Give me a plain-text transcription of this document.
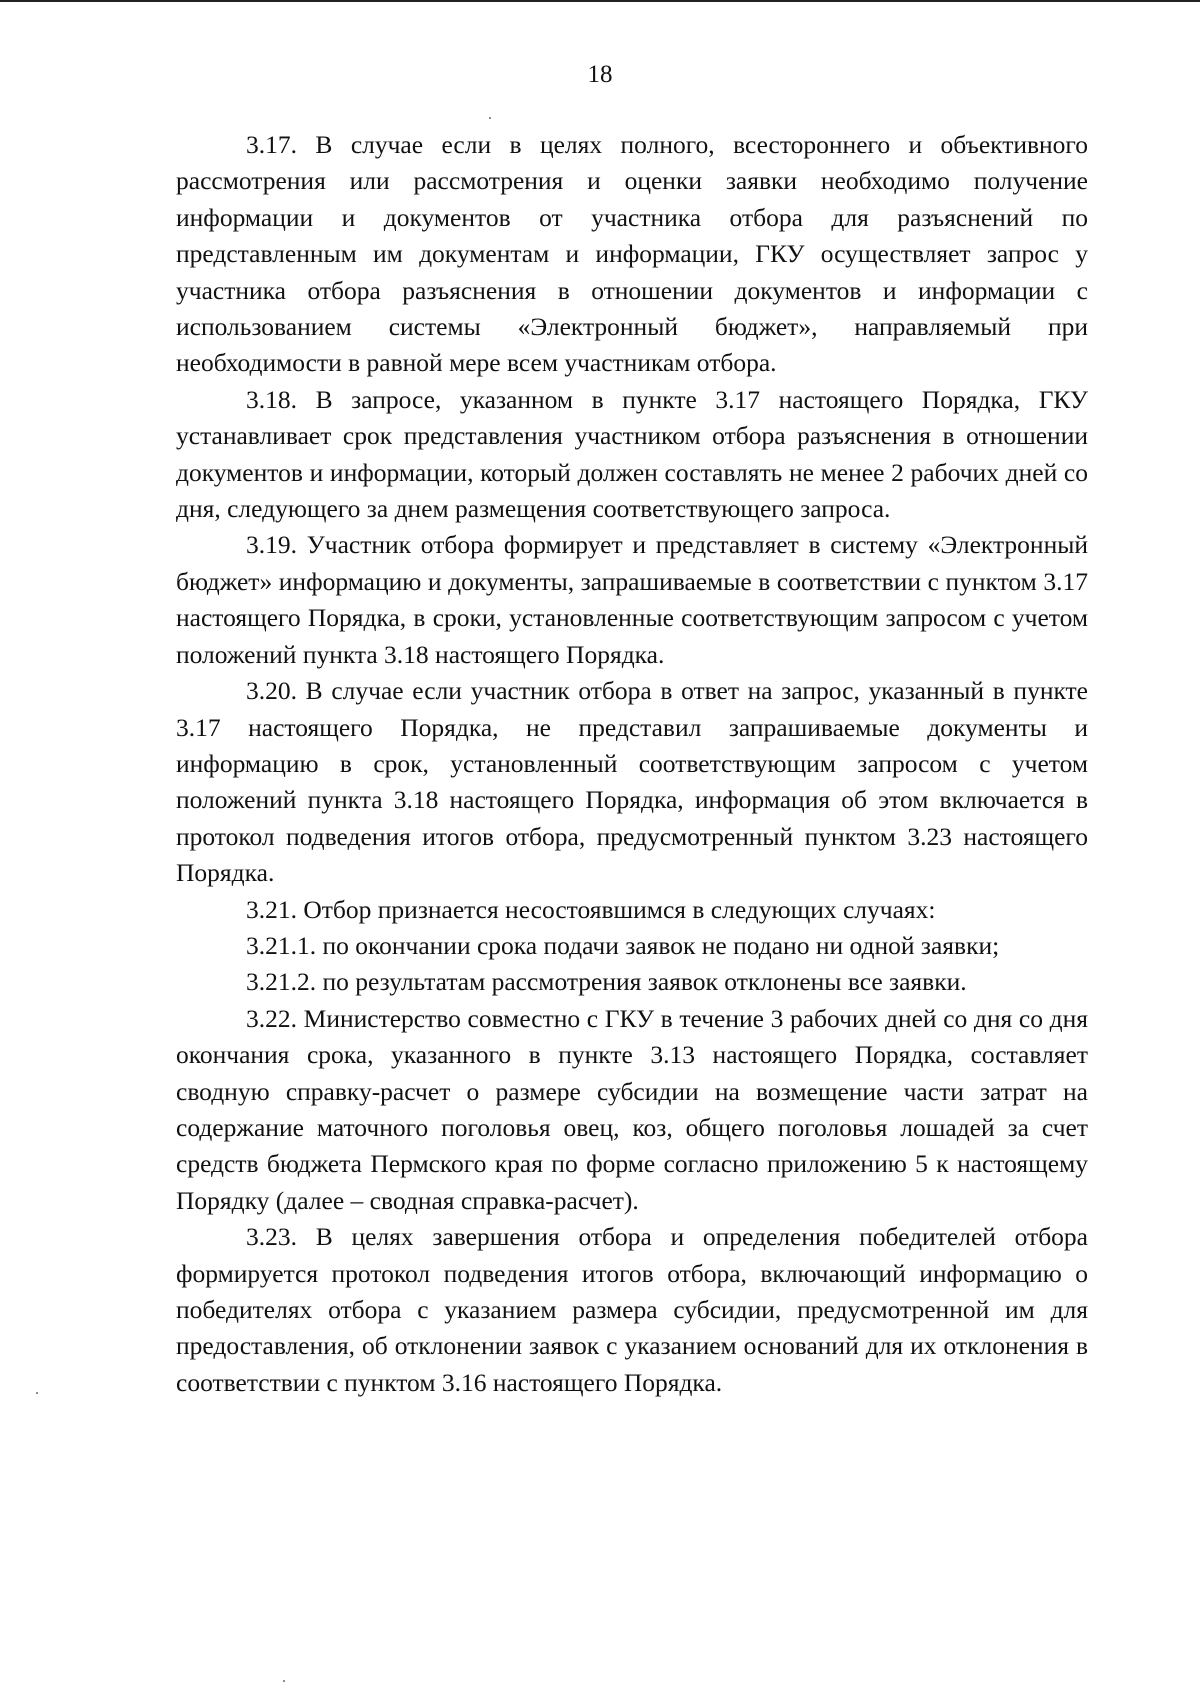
18

3.17. В случае если в целях полного, всестороннего и объективного рассмотрения или рассмотрения и оценки заявки необходимо получение информации и документов от участника отбора для разъяснений по представленным им документам и информации, ГКУ осуществляет запрос у участника отбора разъяснения в отношении документов и информации с использованием системы «Электронный бюджет», направляемый при необходимости в равной мере всем участникам отбора.

3.18. В запросе, указанном в пункте 3.17 настоящего Порядка, ГКУ устанавливает срок представления участником отбора разъяснения в отношении документов и информации, который должен составлять не менее 2 рабочих дней со дня, следующего за днем размещения соответствующего запроса.

3.19. Участник отбора формирует и представляет в систему «Электронный бюджет» информацию и документы, запрашиваемые в соответствии с пунктом 3.17 настоящего Порядка, в сроки, установленные соответствующим запросом с учетом положений пункта 3.18 настоящего Порядка.

3.20. В случае если участник отбора в ответ на запрос, указанный в пункте 3.17 настоящего Порядка, не представил запрашиваемые документы и информацию в срок, установленный соответствующим запросом с учетом положений пункта 3.18 настоящего Порядка, информация об этом включается в протокол подведения итогов отбора, предусмотренный пунктом 3.23 настоящего Порядка.

3.21. Отбор признается несостоявшимся в следующих случаях:

3.21.1. по окончании срока подачи заявок не подано ни одной заявки;

3.21.2. по результатам рассмотрения заявок отклонены все заявки.

3.22. Министерство совместно с ГКУ в течение 3 рабочих дней со дня со дня окончания срока, указанного в пункте 3.13 настоящего Порядка, составляет сводную справку-расчет о размере субсидии на возмещение части затрат на содержание маточного поголовья овец, коз, общего поголовья лошадей за счет средств бюджета Пермского края по форме согласно приложению 5 к настоящему Порядку (далее – сводная справка-расчет).

3.23. В целях завершения отбора и определения победителей отбора формируется протокол подведения итогов отбора, включающий информацию о победителях отбора с указанием размера субсидии, предусмотренной им для предоставления, об отклонении заявок с указанием оснований для их отклонения в соответствии с пунктом 3.16 настоящего Порядка.
